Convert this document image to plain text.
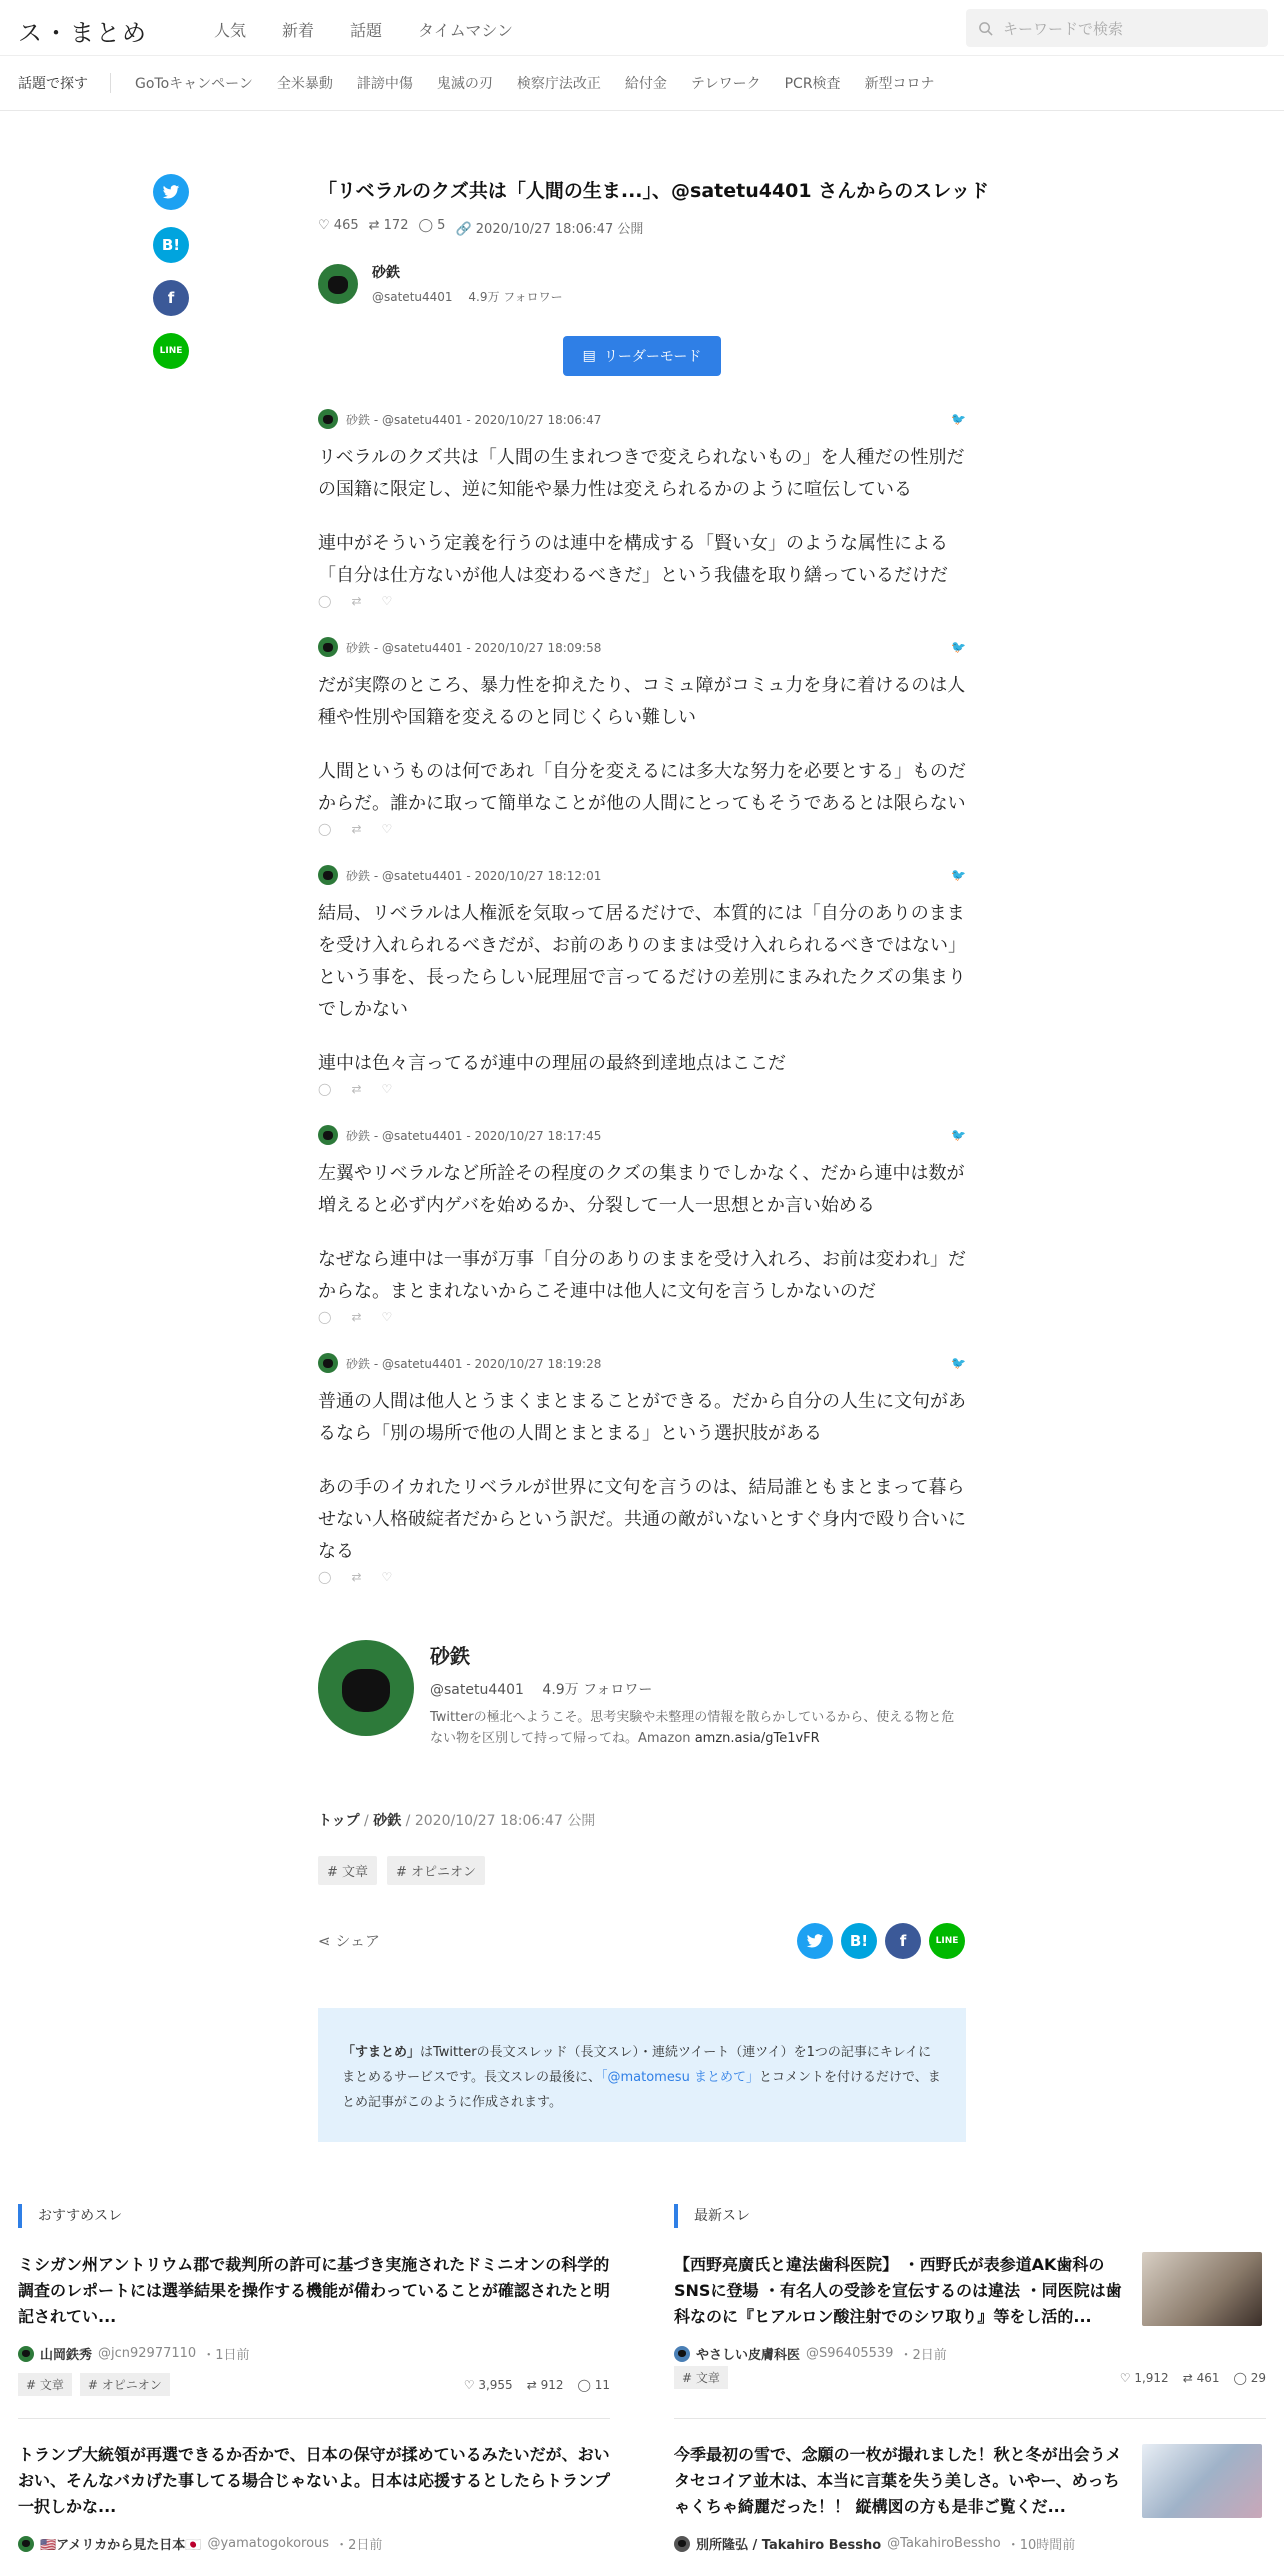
ス・まとめ	人気 新着 話題 タイムマシン	キーワードで検索
話題で探す	GoToキャンペーン 全米暴動 誹謗中傷 鬼滅の刃 検察庁法改正 給付金 テレワーク PCR検査 新型コロナ
B!
f
LINE
「リベラルのクズ共は「人間の生ま...」、@satetu4401 さんからのスレッド
♡ 465 ⇄ 172 ◯ 5 🔗 2020/10/27 18:06:47 公開
砂鉄
@satetu4401　 4.9万 フォロワー
▤ リーダーモード
砂鉄 - @satetu4401 - 2020/10/27 18:06:47	🐦
リベラルのクズ共は「人間の生まれつきで変えられないもの」を人種だの性別だの国籍に限定し、逆に知能や暴力性は変えられるかのように喧伝している
連中がそういう定義を行うのは連中を構成する「賢い女」のような属性による「自分は仕方ないが他人は変わるべきだ」という我儘を取り繕っているだけだ
◯ ⇄ ♡
砂鉄 - @satetu4401 - 2020/10/27 18:09:58	🐦
だが実際のところ、暴力性を抑えたり、コミュ障がコミュ力を身に着けるのは人種や性別や国籍を変えるのと同じくらい難しい
人間というものは何であれ「自分を変えるには多大な努力を必要とする」ものだからだ。誰かに取って簡単なことが他の人間にとってもそうであるとは限らない
◯ ⇄ ♡
砂鉄 - @satetu4401 - 2020/10/27 18:12:01	🐦
結局、リベラルは人権派を気取って居るだけで、本質的には「自分のありのままを受け入れられるべきだが、お前のありのままは受け入れられるべきではない」という事を、長ったらしい屁理屈で言ってるだけの差別にまみれたクズの集まりでしかない
連中は色々言ってるが連中の理屈の最終到達地点はここだ
◯ ⇄ ♡
砂鉄 - @satetu4401 - 2020/10/27 18:17:45	🐦
左翼やリベラルなど所詮その程度のクズの集まりでしかなく、だから連中は数が増えると必ず内ゲバを始めるか、分裂して一人一思想とか言い始める
なぜなら連中は一事が万事「自分のありのままを受け入れろ、お前は変われ」だからな。まとまれないからこそ連中は他人に文句を言うしかないのだ
◯ ⇄ ♡
砂鉄 - @satetu4401 - 2020/10/27 18:19:28	🐦
普通の人間は他人とうまくまとまることができる。だから自分の人生に文句があるなら「別の場所で他の人間とまとまる」という選択肢がある
あの手のイカれたリベラルが世界に文句を言うのは、結局誰ともまとまって暮らせない人格破綻者だからという訳だ。共通の敵がいないとすぐ身内で殴り合いになる
◯ ⇄ ♡
砂鉄
@satetu4401　 4.9万 フォロワー
Twitterの極北へようこそ。思考実験や未整理の情報を散らかしているから、使える物と危ない物を区別して持って帰ってね。Amazon amzn.asia/gTe1vFR
トップ / 砂鉄 / 2020/10/27 18:06:47 公開
# 文章	# オピニオン
⋖ シェア	B!	f	LINE
「すまとめ」はTwitterの長文スレッド（長文スレ）・連続ツイート（連ツイ）を1つの記事にキレイにまとめるサービスです。長文スレの最後に、「@matomesu まとめて」とコメントを付けるだけで、まとめ記事がこのように作成されます。
おすすめスレ	最新スレ
ミシガン州アントリウム郡で裁判所の許可に基づき実施されたドミニオンの科学的調査のレポートには選挙結果を操作する機能が備わっていることが確認されたと明記されてい...
山岡鉄秀 @jcn92977110 ・1日前
# 文章	# オピニオン	♡ 3,955 ⇄ 912 ◯ 11
トランプ大統領が再選できるか否かで、日本の保守が揉めているみたいだが、おいおい、そんなバカげた事してる場合じゃないよ。日本は応援するとしたらトランプ一択しかな...
🇺🇸アメリカから見た日本🇯🇵 @yamatogokorous ・2日前
【西野亮廣氏と違法歯科医院】 ・西野氏が表参道AK歯科のSNSに登場 ・有名人の受診を宣伝するのは違法 ・同医院は歯科なのに『ヒアルロン酸注射でのシワ取り』等をし活的...
やさしい皮膚科医 @S96405539 ・2日前
# 文章	♡ 1,912 ⇄ 461 ◯ 29
今季最初の雪で、念願の一枚が撮れました！秋と冬が出会うメタセコイア並木は、本当に言葉を失う美しさ。いやー、めっちゃくちゃ綺麗だった！！ 縦構図の方も是非ご覧くだ...
別所隆弘 / Takahiro Bessho @TakahiroBessho ・10時間前
